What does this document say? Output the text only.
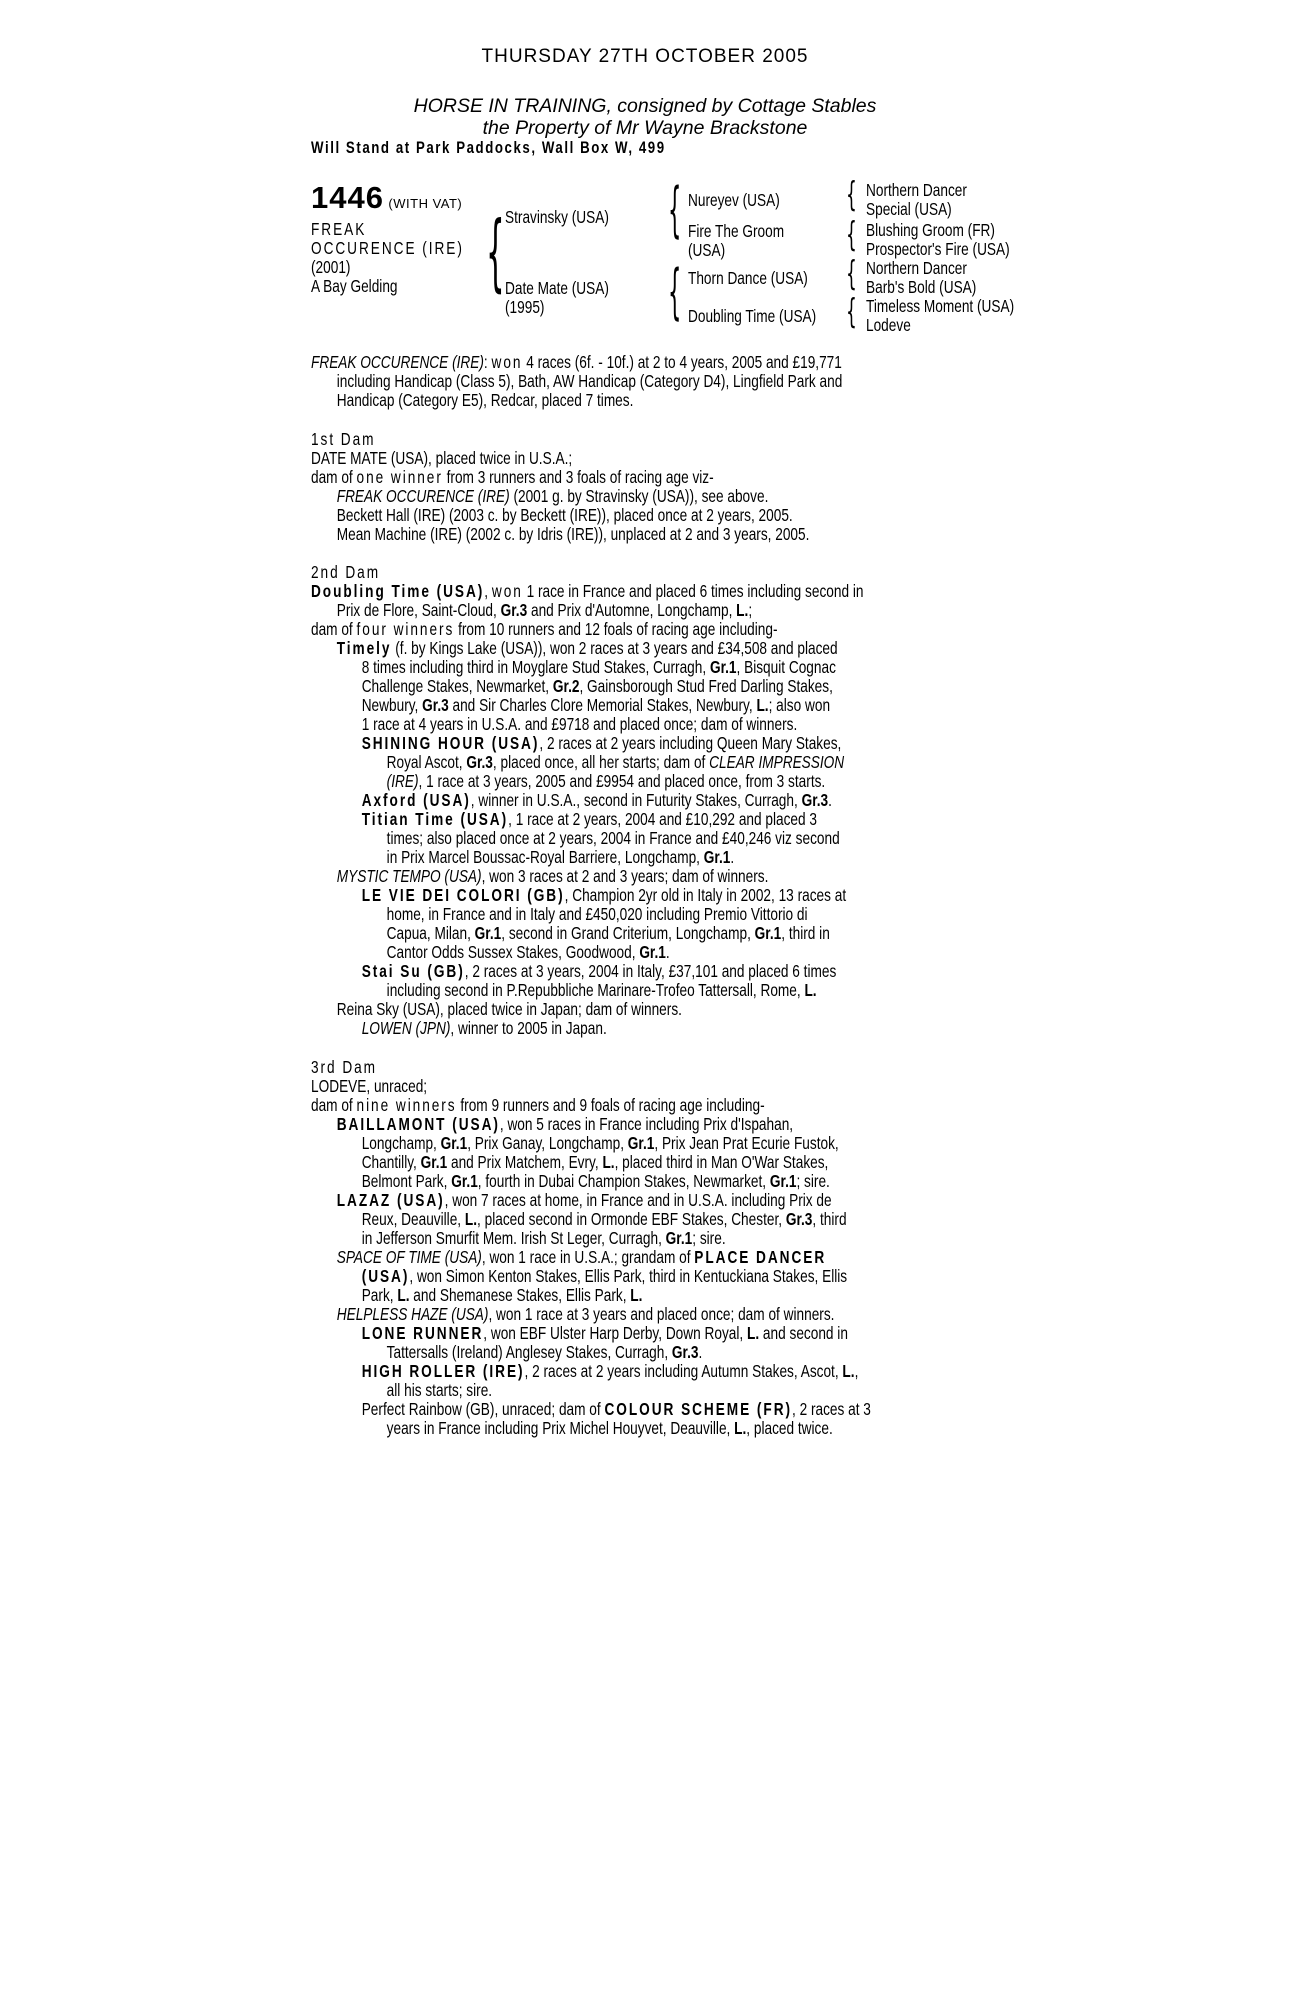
THURSDAY 27TH OCTOBER 2005
HORSE IN TRAINING, consigned by Cottage Stables
the Property of Mr Wayne Brackstone
Will Stand at Park Paddocks, Wall Box W, 499
1446 (WITH VAT)
FREAK
OCCURENCE (IRE)
(2001)
A Bay Gelding	{	{
{
{
{
{
{
Stravinsky (USA)
Date Mate (USA)
(1995)
Nureyev (USA)
Fire The Groom
(USA)
Thorn Dance (USA)
Doubling Time (USA)
Northern Dancer
Special (USA)
Blushing Groom (FR)
Prospector's Fire (USA)
Northern Dancer
Barb's Bold (USA)
Timeless Moment (USA)
Lodeve
FREAK OCCURENCE (IRE): won 4 races (6f. - 10f.) at 2 to 4 years, 2005 and £19,771
including Handicap (Class 5), Bath, AW Handicap (Category D4), Lingfield Park and
Handicap (Category E5), Redcar, placed 7 times.
1st Dam
DATE MATE (USA), placed twice in U.S.A.;
dam of one winner from 3 runners and 3 foals of racing age viz-
FREAK OCCURENCE (IRE) (2001 g. by Stravinsky (USA)), see above.
Beckett Hall (IRE) (2003 c. by Beckett (IRE)), placed once at 2 years, 2005.
Mean Machine (IRE) (2002 c. by Idris (IRE)), unplaced at 2 and 3 years, 2005.
2nd Dam
Doubling Time (USA), won 1 race in France and placed 6 times including second in
Prix de Flore, Saint-Cloud, Gr.3 and Prix d'Automne, Longchamp, L.;
dam of four winners from 10 runners and 12 foals of racing age including-
Timely (f. by Kings Lake (USA)), won 2 races at 3 years and £34,508 and placed
8 times including third in Moyglare Stud Stakes, Curragh, Gr.1, Bisquit Cognac
Challenge Stakes, Newmarket, Gr.2, Gainsborough Stud Fred Darling Stakes,
Newbury, Gr.3 and Sir Charles Clore Memorial Stakes, Newbury, L.; also won
1 race at 4 years in U.S.A. and £9718 and placed once; dam of winners.
SHINING HOUR (USA), 2 races at 2 years including Queen Mary Stakes,
Royal Ascot, Gr.3, placed once, all her starts; dam of CLEAR IMPRESSION
(IRE), 1 race at 3 years, 2005 and £9954 and placed once, from 3 starts.
Axford (USA), winner in U.S.A., second in Futurity Stakes, Curragh, Gr.3.
Titian Time (USA), 1 race at 2 years, 2004 and £10,292 and placed 3
times; also placed once at 2 years, 2004 in France and £40,246 viz second
in Prix Marcel Boussac-Royal Barriere, Longchamp, Gr.1.
MYSTIC TEMPO (USA), won 3 races at 2 and 3 years; dam of winners.
LE VIE DEI COLORI (GB), Champion 2yr old in Italy in 2002, 13 races at
home, in France and in Italy and £450,020 including Premio Vittorio di
Capua, Milan, Gr.1, second in Grand Criterium, Longchamp, Gr.1, third in
Cantor Odds Sussex Stakes, Goodwood, Gr.1.
Stai Su (GB), 2 races at 3 years, 2004 in Italy, £37,101 and placed 6 times
including second in P.Repubbliche Marinare-Trofeo Tattersall, Rome, L.
Reina Sky (USA), placed twice in Japan; dam of winners.
LOWEN (JPN), winner to 2005 in Japan.
3rd Dam
LODEVE, unraced;
dam of nine winners from 9 runners and 9 foals of racing age including-
BAILLAMONT (USA), won 5 races in France including Prix d'Ispahan,
Longchamp, Gr.1, Prix Ganay, Longchamp, Gr.1, Prix Jean Prat Ecurie Fustok,
Chantilly, Gr.1 and Prix Matchem, Evry, L., placed third in Man O'War Stakes,
Belmont Park, Gr.1, fourth in Dubai Champion Stakes, Newmarket, Gr.1; sire.
LAZAZ (USA), won 7 races at home, in France and in U.S.A. including Prix de
Reux, Deauville, L., placed second in Ormonde EBF Stakes, Chester, Gr.3, third
in Jefferson Smurfit Mem. Irish St Leger, Curragh, Gr.1; sire.
SPACE OF TIME (USA), won 1 race in U.S.A.; grandam of PLACE DANCER
(USA), won Simon Kenton Stakes, Ellis Park, third in Kentuckiana Stakes, Ellis
Park, L. and Shemanese Stakes, Ellis Park, L.
HELPLESS HAZE (USA), won 1 race at 3 years and placed once; dam of winners.
LONE RUNNER, won EBF Ulster Harp Derby, Down Royal, L. and second in
Tattersalls (Ireland) Anglesey Stakes, Curragh, Gr.3.
HIGH ROLLER (IRE), 2 races at 2 years including Autumn Stakes, Ascot, L.,
all his starts; sire.
Perfect Rainbow (GB), unraced; dam of COLOUR SCHEME (FR), 2 races at 3
years in France including Prix Michel Houyvet, Deauville, L., placed twice.
